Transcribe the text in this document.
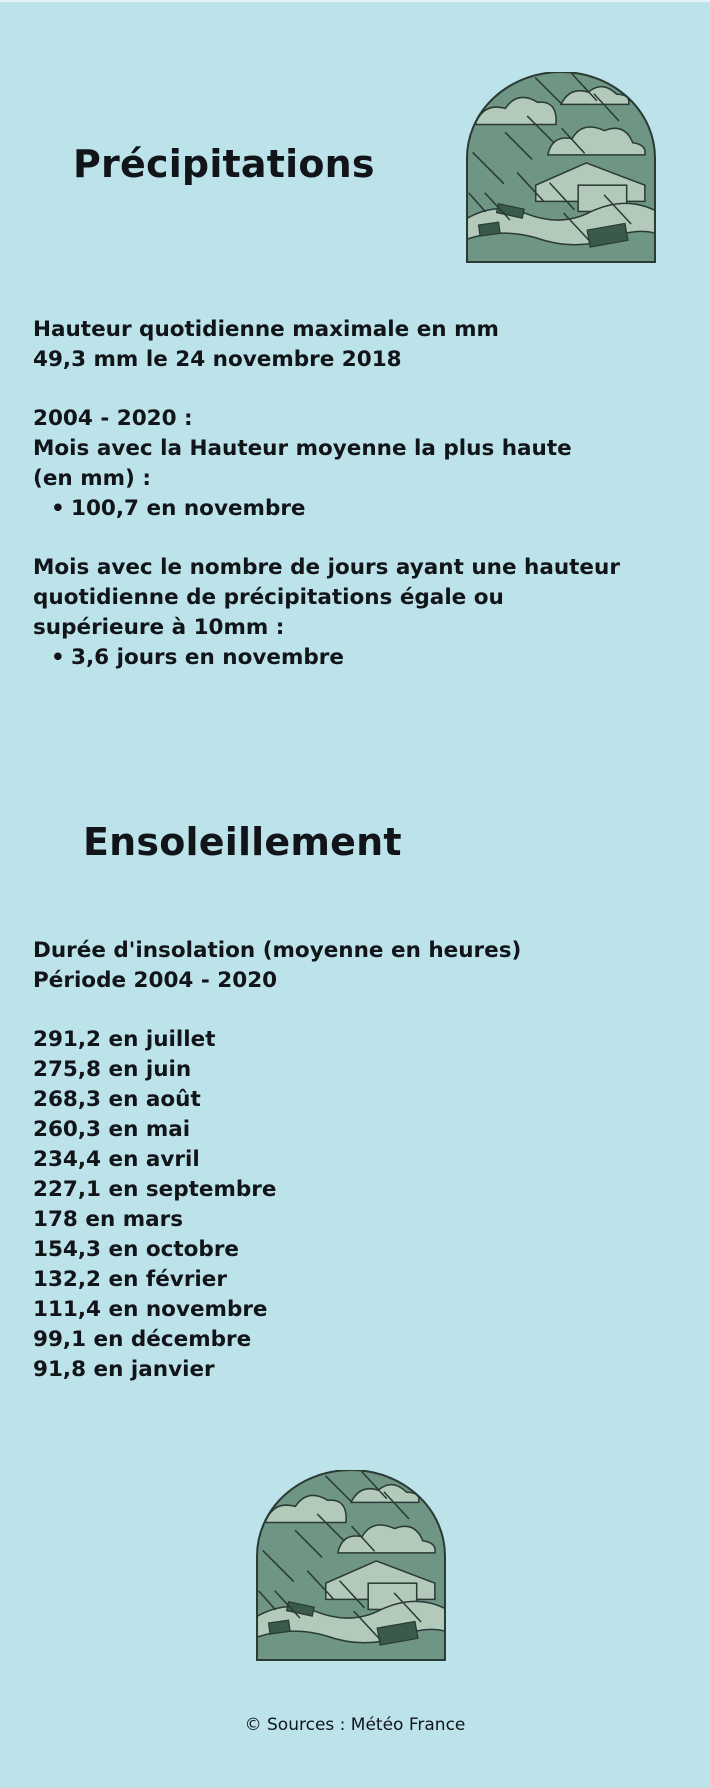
Précipitations

Hauteur quotidienne maximale en mm

49,3 mm le 24 novembre 2018

2004 - 2020 :

Mois avec la Hauteur moyenne la plus haute

(en mm) :

• 100,7 en novembre

Mois avec le nombre de jours ayant une hauteur

quotidienne de précipitations égale ou

supérieure à 10mm :

• 3,6 jours en novembre
Ensoleillement

Durée d'insolation (moyenne en heures)

Période 2004 - 2020

291,2 en juillet

275,8 en juin

268,3 en août

260,3 en mai

234,4 en avril

227,1 en septembre

178 en mars

154,3 en octobre

132,2 en février

111,4 en novembre

99,1 en décembre

91,8 en janvier

© Sources : Météo France
